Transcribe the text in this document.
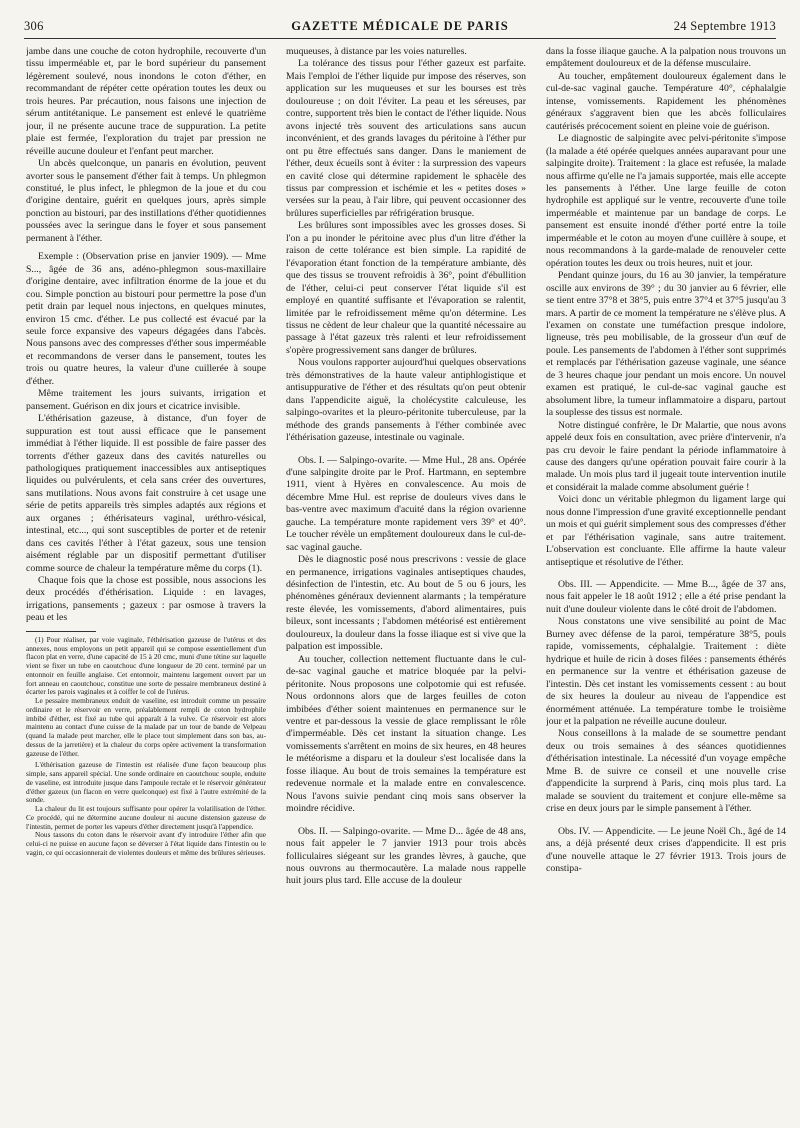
306	GAZETTE MÉDICALE DE PARIS	24 Septembre 1913

jambe dans une couche de coton hydrophile, recouverte d'un tissu imperméable et, par le bord supérieur du pansement légèrement soulevé, nous inondons le coton d'éther, en recommandant de répéter cette opération toutes les deux ou trois heures. Par précaution, nous faisons une injection de sérum antitétanique. Le pansement est enlevé le quatrième jour, il ne présente aucune trace de suppuration. La petite plaie est fermée, l'exploration du trajet par pression ne réveille aucune douleur et l'enfant peut marcher.

Un abcès quelconque, un panaris en évolution, peuvent avorter sous le pansement d'éther fait à temps. Un phlegmon constitué, le plus infect, le phlegmon de la joue et du cou d'origine dentaire, guérit en quelques jours, après simple ponction au bistouri, par des instillations d'éther quotidiennes poussées avec la seringue dans le foyer et sous pansement permanent à l'éther.

Exemple : (Observation prise en janvier 1909). — Mme S..., âgée de 36 ans, adéno-phlegmon sous-maxillaire d'origine dentaire, avec infiltration énorme de la joue et du cou. Simple ponction au bistouri pour permettre la pose d'un petit drain par lequel nous injectons, en quelques minutes, environ 15 cmc. d'éther. Le pus collecté est évacué par la seule force expansive des vapeurs dégagées dans l'abcès. Nous pansons avec des compresses d'éther sous imperméable et recommandons de verser dans le pansement, toutes les trois ou quatre heures, la valeur d'une cuillerée à soupe d'éther.

Même traitement les jours suivants, irrigation et pansement. Guérison en dix jours et cicatrice invisible.

L'éthérisation gazeuse, à distance, d'un foyer de suppuration est tout aussi efficace que le pansement immédiat à l'éther liquide. Il est possible de faire passer des torrents d'éther gazeux dans des cavités naturelles ou pathologiques pratiquement inaccessibles aux antiseptiques liquides ou pulvérulents, et cela sans créer des ouvertures, sans mutilations. Nous avons fait construire à cet usage une série de petits appareils très simples adaptés aux régions et aux organes ; éthérisateurs vaginal, uréthro-vésical, intestinal, etc..., qui sont susceptibles de porter et de retenir dans ces cavités l'éther à l'état gazeux, sous une tension aisément réglable par un dispositif permettant d'utiliser comme source de chaleur la température même du corps (1).

Chaque fois que la chose est possible, nous associons les deux procédés d'éthérisation. Liquide : en lavages, irrigations, pansements ; gazeux : par osmose à travers la peau et les

(1) Pour réaliser, par voie vaginale, l'éthérisation gazeuse de l'utérus et des annexes, nous employons un petit appareil qui se compose essentiellement d'un flacon plat en verre, d'une capacité de 15 à 20 cmc, muni d'une tétine sur laquelle vient se fixer un tube en caoutchouc d'une longueur de 20 cent. terminé par un entonnoir en feuille anglaise. Cet entonnoir, maintenu largement ouvert par un fort anneau en caoutchouc, constitue une sorte de pessaire membraneux destiné à écarter les parois vaginales et à coiffer le col de l'utérus.

Le pessaire membraneux enduit de vaseline, est introduit comme un pessaire ordinaire et le réservoir en verre, préalablement rempli de coton hydrophile imbibé d'éther, est fixé au tube qui apparaît à la vulve. Ce réservoir est alors maintenu au contact d'une cuisse de la malade par un tour de bande de Velpeau (quand la malade peut marcher, elle le place tout simplement dans son bas, au-dessus de la jarretière) et la chaleur du corps opère activement la transformation gazeuse de l'éther.

L'éthérisation gazeuse de l'intestin est réalisée d'une façon beaucoup plus simple, sans appareil spécial. Une sonde ordinaire en caoutchouc souple, enduite de vaseline, est introduite jusque dans l'ampoule rectale et le réservoir générateur d'éther gazeux (un flacon en verre quelconque) est fixé à l'autre extrémité de la sonde.

La chaleur du lit est toujours suffisante pour opérer la volatilisation de l'éther. Ce procédé, qui ne détermine aucune douleur ni aucune distension gazeuse de l'intestin, permet de porter les vapeurs d'éther directement jusqu'à l'appendice.

Nous tassons du coton dans le réservoir avant d'y introduire l'éther afin que celui-ci ne puisse en aucune façon se déverser à l'état liquide dans l'intestin ou le vagin, ce qui occasionnerait de violentes douleurs et même des brûlures sérieuses.

muqueuses, à distance par les voies naturelles.

La tolérance des tissus pour l'éther gazeux est parfaite. Mais l'emploi de l'éther liquide pur impose des réserves, son application sur les muqueuses et sur les bourses est très douloureuse ; on doit l'éviter. La peau et les séreuses, par contre, supportent très bien le contact de l'éther liquide. Nous avons injecté très souvent des articulations sans aucun inconvénient, et des grands lavages du péritoine à l'éther pur ont pu être effectués sans danger. Dans le maniement de l'éther, deux écueils sont à éviter : la surpression des vapeurs en cavité close qui détermine rapidement le sphacèle des tissus par compression et ischémie et les « petites doses » versées sur la peau, à l'air libre, qui peuvent occasionner des brûlures superficielles par réfrigération brusque.

Les brûlures sont impossibles avec les grosses doses. Si l'on a pu inonder le péritoine avec plus d'un litre d'éther la raison de cette tolérance est bien simple. La rapidité de l'évaporation étant fonction de la température ambiante, dès que des tissus se trouvent refroidis à 36°, point d'ébullition de l'éther, celui-ci peut conserver l'état liquide s'il est employé en quantité suffisante et l'évaporation se ralentit, limitée par le refroidissement même qu'on détermine. Les tissus ne cèdent de leur chaleur que la quantité nécessaire au passage à l'état gazeux très ralenti et leur refroidissement s'opère progressivement sans danger de brûlures.

Nous voulons rapporter aujourd'hui quelques observations très démonstratives de la haute valeur antiphlogistique et antisuppurative de l'éther et des résultats qu'on peut obtenir dans l'appendicite aiguë, la cholécystite calculeuse, les salpingo-ovarites et la pleuro-péritonite tuberculeuse, par la méthode des grands pansements à l'éther combinée avec l'éthérisation gazeuse, intestinale ou vaginale.

Obs. I. — Salpingo-ovarite. — Mme Hul., 28 ans. Opérée d'une salpingite droite par le Prof. Hartmann, en septembre 1911, vient à Hyères en convalescence. Au mois de décembre Mme Hul. est reprise de douleurs vives dans le bas-ventre avec maximum d'acuité dans la région ovarienne gauche. La température monte rapidement vers 39° et 40°. Le toucher révèle un empâtement douloureux dans le cul-de-sac vaginal gauche.

Dès le diagnostic posé nous prescrivons : vessie de glace en permanence, irrigations vaginales antiseptiques chaudes, désinfection de l'intestin, etc. Au bout de 5 ou 6 jours, les phénomènes généraux deviennent alarmants ; la température reste élevée, les vomissements, d'abord alimentaires, puis bileux, sont incessants ; l'abdomen météorisé est entièrement douloureux, la douleur dans la fosse iliaque est si vive que la palpation est impossible.

Au toucher, collection nettement fluctuante dans le cul-de-sac vaginal gauche et matrice bloquée par la pelvi-péritonite. Nous proposons une colpotomie qui est refusée. Nous ordonnons alors que de larges feuilles de coton imbibées d'éther soient maintenues en permanence sur le ventre et par-dessous la vessie de glace remplissant le rôle d'imperméable. Dès cet instant la situation change. Les vomissements s'arrêtent en moins de six heures, en 48 heures le météorisme a disparu et la douleur s'est localisée dans la fosse iliaque. Au bout de trois semaines la température est redevenue normale et la malade entre en convalescence. Nous l'avons suivie pendant cinq mois sans observer la moindre récidive.

Obs. II. — Salpingo-ovarite. — Mme D... âgée de 48 ans, nous fait appeler le 7 janvier 1913 pour trois abcès folliculaires siégeant sur les grandes lèvres, à gauche, que nous ouvrons au thermocautère. La malade nous rappelle huit jours plus tard. Elle accuse de la douleur

dans la fosse iliaque gauche. A la palpation nous trouvons un empâtement douloureux et de la défense musculaire.

Au toucher, empâtement douloureux également dans le cul-de-sac vaginal gauche. Température 40°, céphalalgie intense, vomissements. Rapidement les phénomènes généraux s'aggravent bien que les abcès folliculaires cautérisés précocement soient en pleine voie de guérison.

Le diagnostic de salpingite avec pelvi-péritonite s'impose (la malade a été opérée quelques années auparavant pour une salpingite droite). Traitement : la glace est refusée, la malade nous affirme qu'elle ne l'a jamais supportée, mais elle accepte les pansements à l'éther. Une large feuille de coton hydrophile est appliqué sur le ventre, recouverte d'une toile imperméable et maintenue par un bandage de corps. Le pansement est ensuite inondé d'éther porté entre la toile imperméable et le coton au moyen d'une cuillère à soupe, et nous recommandons à la garde-malade de renouveler cette opération toutes les deux ou trois heures, nuit et jour.

Pendant quinze jours, du 16 au 30 janvier, la température oscille aux environs de 39° ; du 30 janvier au 6 février, elle se tient entre 37°8 et 38°5, puis entre 37°4 et 37°5 jusqu'au 3 mars. A partir de ce moment la température ne s'élève plus. A l'examen on constate une tuméfaction presque indolore, ligneuse, très peu mobilisable, de la grosseur d'un œuf de poule. Les pansements de l'abdomen à l'éther sont supprimés et remplacés par l'éthérisation gazeuse vaginale, une séance de 3 heures chaque jour pendant un mois encore. Un nouvel examen est pratiqué, le cul-de-sac vaginal gauche est absolument libre, la tumeur inflammatoire a disparu, partout la souplesse des tissus est normale.

Notre distingué confrère, le Dr Malartie, que nous avons appelé deux fois en consultation, avec prière d'intervenir, n'a pas cru devoir le faire pendant la période inflammatoire à cause des dangers qu'une opération pouvait faire courir à la malade. Un mois plus tard il jugeait toute intervention inutile et considérait la malade comme absolument guérie !

Voici donc un véritable phlegmon du ligament large qui nous donne l'impression d'une gravité exceptionnelle pendant un mois et qui guérit simplement sous des compresses d'éther et par l'éthérisation vaginale, sans autre traitement. L'observation est concluante. Elle affirme la haute valeur antiseptique et résolutive de l'éther.

Obs. III. — Appendicite. — Mme B..., âgée de 37 ans, nous fait appeler le 18 août 1912 ; elle a été prise pendant la nuit d'une douleur violente dans le côté droit de l'abdomen.

Nous constatons une vive sensibilité au point de Mac Burney avec défense de la paroi, température 38°5, pouls rapide, vomissements, céphalalgie. Traitement : diète hydrique et huile de ricin à doses filées : pansements éthérés en permanence sur la ventre et éthérisation gazeuse de l'intestin. Dès cet instant les vomissements cessent : au bout de six heures la douleur au niveau de l'appendice est énormément atténuée. La température tombe le troisième jour et la palpation ne réveille aucune douleur.

Nous conseillons à la malade de se soumettre pendant deux ou trois semaines à des séances quotidiennes d'éthérisation intestinale. La nécessité d'un voyage empêche Mme B. de suivre ce conseil et une nouvelle crise d'appendicite la surprend à Paris, cinq mois plus tard. La malade se souvient du traitement et conjure elle-même sa crise en deux jours par le simple pansement à l'éther.

Obs. IV. — Appendicite. — Le jeune Noël Ch., âgé de 14 ans, a déjà présenté deux crises d'appendicite. Il est pris d'une nouvelle attaque le 27 février 1913. Trois jours de constipa-
